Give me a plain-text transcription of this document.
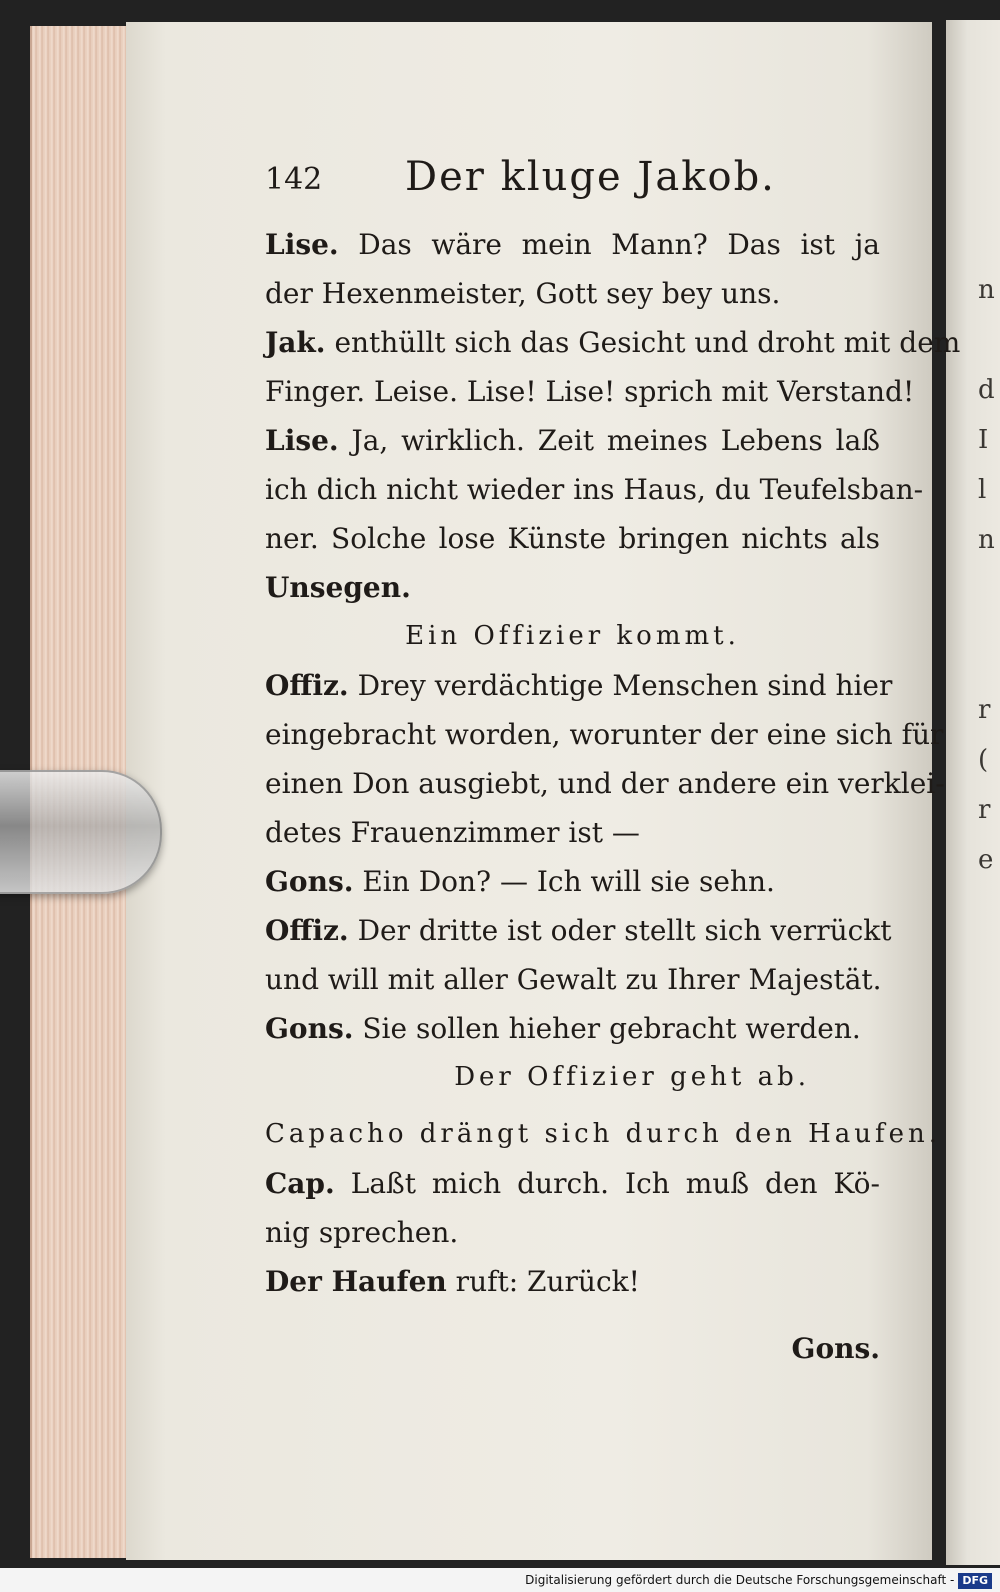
n
d
I
l
n
r
(
r
e
142 Der kluge Jakob.
Lise. Das wäre mein Mann? Das ist ja
der Hexenmeister, Gott sey bey uns.
Jak. enthüllt sich das Gesicht und droht mit dem
Finger. Leise. Lise! Lise! sprich mit Verstand!
Lise. Ja, wirklich. Zeit meines Lebens laß
ich dich nicht wieder ins Haus, du Teufelsban-
ner. Solche lose Künste bringen nichts als
Unsegen.
Ein Offizier kommt.
Offiz. Drey verdächtige Menschen sind hier
eingebracht worden, worunter der eine sich für
einen Don ausgiebt, und der andere ein verklei-
detes Frauenzimmer ist —
Gons. Ein Don? — Ich will sie sehn.
Offiz. Der dritte ist oder stellt sich verrückt
und will mit aller Gewalt zu Ihrer Majestät.
Gons. Sie sollen hieher gebracht werden.
Der Offizier geht ab.
Capacho drängt sich durch den Haufen.
Cap. Laßt mich durch. Ich muß den Kö-
nig sprechen.
Der Haufen ruft: Zurück!
Gons.
Digitalisierung gefördert durch die Deutsche Forschungsgemeinschaft - DFG
